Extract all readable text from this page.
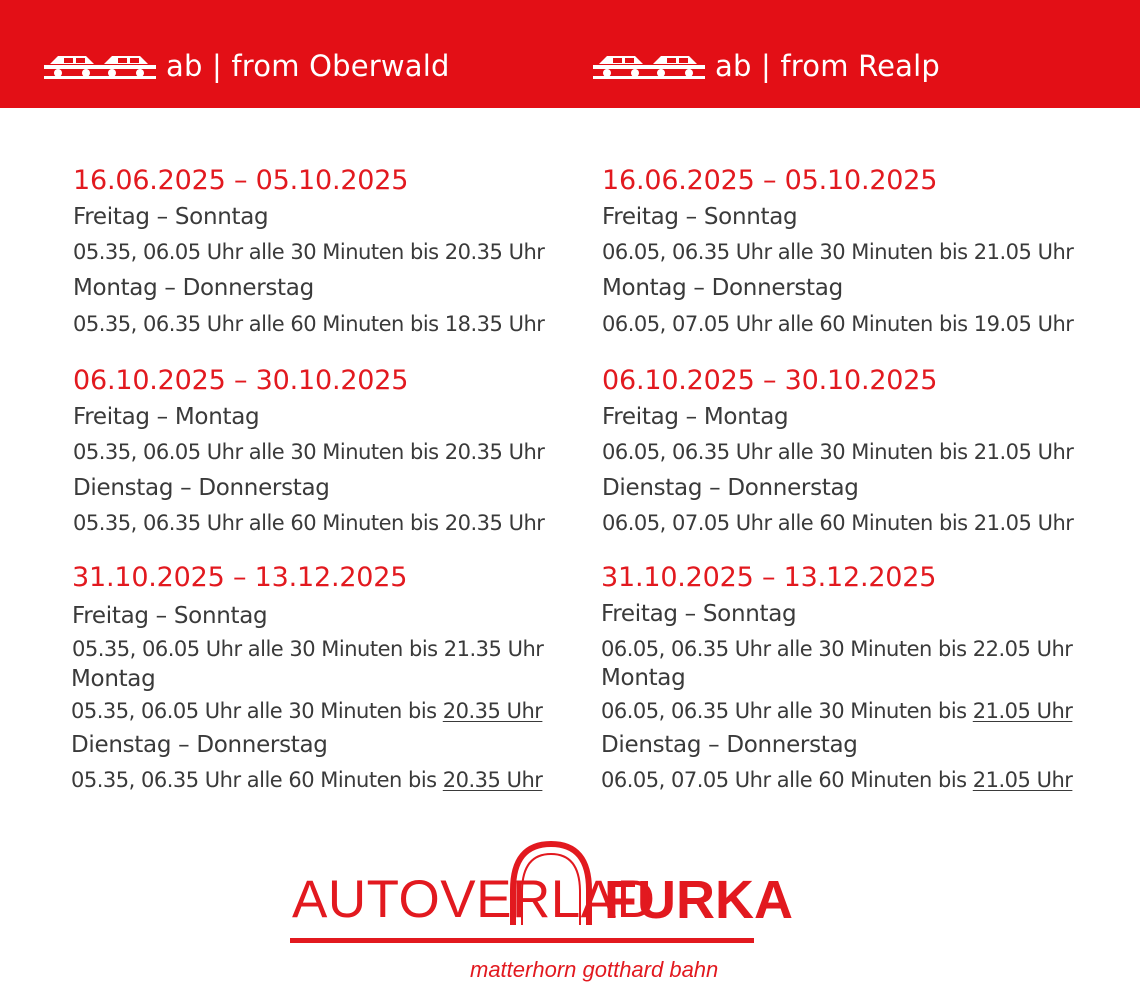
ab | from Oberwald	ab | from Realp
16.06.2025 – 05.10.2025
Freitag – Sonntag
05.35, 06.05 Uhr alle 30 Minuten bis 20.35 Uhr
Montag – Donnerstag
05.35, 06.35 Uhr alle 60 Minuten bis 18.35 Uhr
06.10.2025 – 30.10.2025
Freitag – Montag
05.35, 06.05 Uhr alle 30 Minuten bis 20.35 Uhr
Dienstag – Donnerstag
05.35, 06.35 Uhr alle 60 Minuten bis 20.35 Uhr
31.10.2025 – 13.12.2025
Freitag – Sonntag
05.35, 06.05 Uhr alle 30 Minuten bis 21.35 Uhr
Montag
05.35, 06.05 Uhr alle 30 Minuten bis 20.35 Uhr
Dienstag – Donnerstag
05.35, 06.35 Uhr alle 60 Minuten bis 20.35 Uhr
16.06.2025 – 05.10.2025
Freitag – Sonntag
06.05, 06.35 Uhr alle 30 Minuten bis 21.05 Uhr
Montag – Donnerstag
06.05, 07.05 Uhr alle 60 Minuten bis 19.05 Uhr
06.10.2025 – 30.10.2025
Freitag – Montag
06.05, 06.35 Uhr alle 30 Minuten bis 21.05 Uhr
Dienstag – Donnerstag
06.05, 07.05 Uhr alle 60 Minuten bis 21.05 Uhr
31.10.2025 – 13.12.2025
Freitag – Sonntag
06.05, 06.35 Uhr alle 30 Minuten bis 22.05 Uhr
Montag
06.05, 06.35 Uhr alle 30 Minuten bis 21.05 Uhr
Dienstag – Donnerstag
06.05, 07.05 Uhr alle 60 Minuten bis 21.05 Uhr
AUTOVERLAD
FURKA
matterhorn gotthard bahn
